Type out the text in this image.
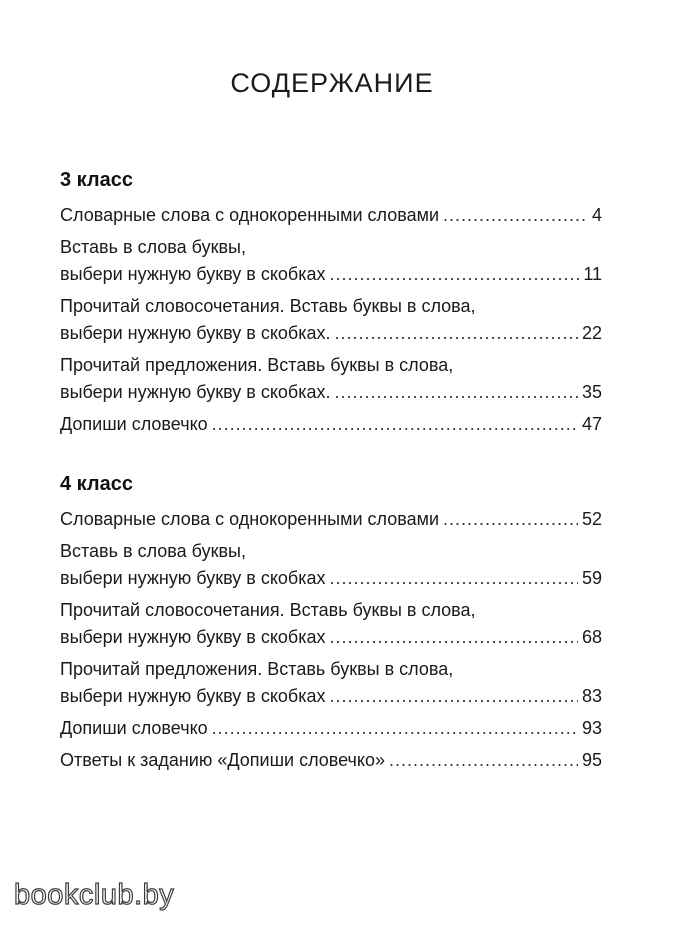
СОДЕРЖАНИЕ
3 класс
Словарные слова с однокоренными словами .....	4
Вставь в слова буквы,
выбери нужную букву в скобках .....	11
Прочитай словосочетания. Вставь буквы в слова,
выбери нужную букву в скобках. .....	22
Прочитай предложения. Вставь буквы в слова,
выбери нужную букву в скобках. .....	35
Допиши словечко .....	47
4 класс
Словарные слова с однокоренными словами .....	52
Вставь в слова буквы,
выбери нужную букву в скобках .....	59
Прочитай словосочетания. Вставь буквы в слова,
выбери нужную букву в скобках .....	68
Прочитай предложения. Вставь буквы в слова,
выбери нужную букву в скобках .....	83
Допиши словечко .....	93
Ответы к заданию «Допиши словечко» .....	95
bookclub.by
